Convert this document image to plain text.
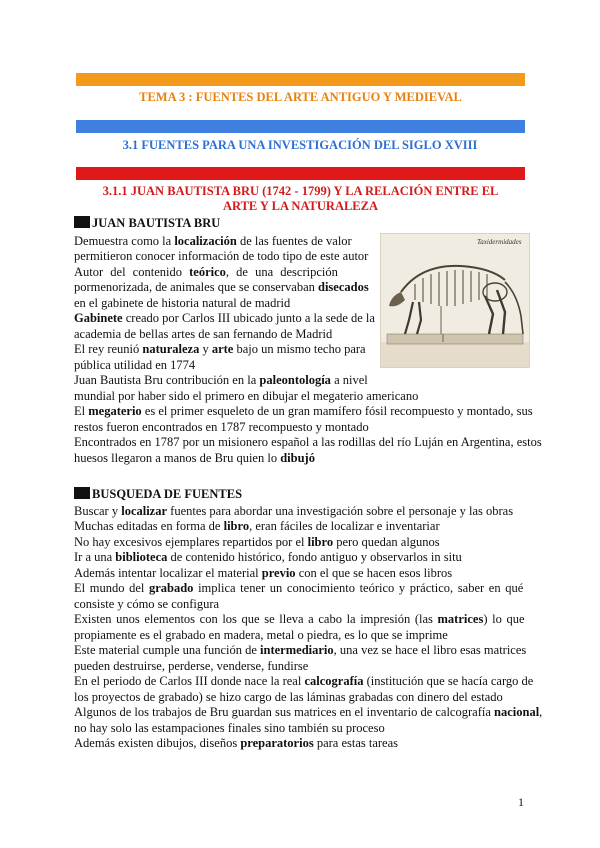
TEMA 3 : FUENTES DEL ARTE ANTIGUO Y MEDIEVAL
3.1 FUENTES PARA UNA INVESTIGACIÓN DEL SIGLO XVIII
3.1.1 JUAN BAUTISTA BRU (1742 - 1799) Y LA RELACIÓN ENTRE EL
ARTE Y LA NATURALEZA
JUAN BAUTISTA BRU
Taxidermidades

Demuestra como la localización de las fuentes de valor

permitieron conocer información de todo tipo de este autor

Autor del contenido teórico, de una descripción

pormenorizada, de animales que se conservaban disecados

en el gabinete de historia natural de madrid

Gabinete creado por Carlos III ubicado junto a la sede de la

academia de bellas artes de san fernando de Madrid

El rey reunió naturaleza y arte bajo un mismo techo para

pública utilidad en 1774

Juan Bautista Bru contribución en la paleontología a nivel

mundial por haber sido el primero en dibujar el megaterio americano

El megaterio es el primer esqueleto de un gran mamífero fósil recompuesto y montado, sus

restos fueron encontrados en 1787 recompuesto y montado

Encontrados en 1787 por un misionero español a las rodillas del río Luján en Argentina, estos

huesos llegaron a manos de Bru quien lo dibujó

BUSQUEDA DE FUENTES

Buscar y localizar fuentes para abordar una investigación sobre el personaje y las obras

Muchas editadas en forma de libro, eran fáciles de localizar e inventariar

No hay excesivos ejemplares repartidos por el libro pero quedan algunos

Ir a una biblioteca de contenido histórico, fondo antiguo y observarlos in situ

Además intentar localizar el material previo con el que se hacen esos libros

El mundo del grabado implica tener un conocimiento teórico y práctico, saber en qué

consiste y cómo se configura

Existen unos elementos con los que se lleva a cabo la impresión (las matrices) lo que

propiamente es el grabado en madera, metal o piedra, es lo que se imprime

Este material cumple una función de intermediario, una vez se hace el libro esas matrices

pueden destruirse, perderse, venderse, fundirse

En el periodo de Carlos III donde nace la real calcografía (institución que se hacía cargo de

los proyectos de grabado) se hizo cargo de las láminas grabadas con dinero del estado

Algunos de los trabajos de Bru guardan sus matrices en el inventario de calcografía nacional,

no hay solo las estampaciones finales sino también su proceso

Además existen dibujos, diseños preparatorios para estas tareas

1
